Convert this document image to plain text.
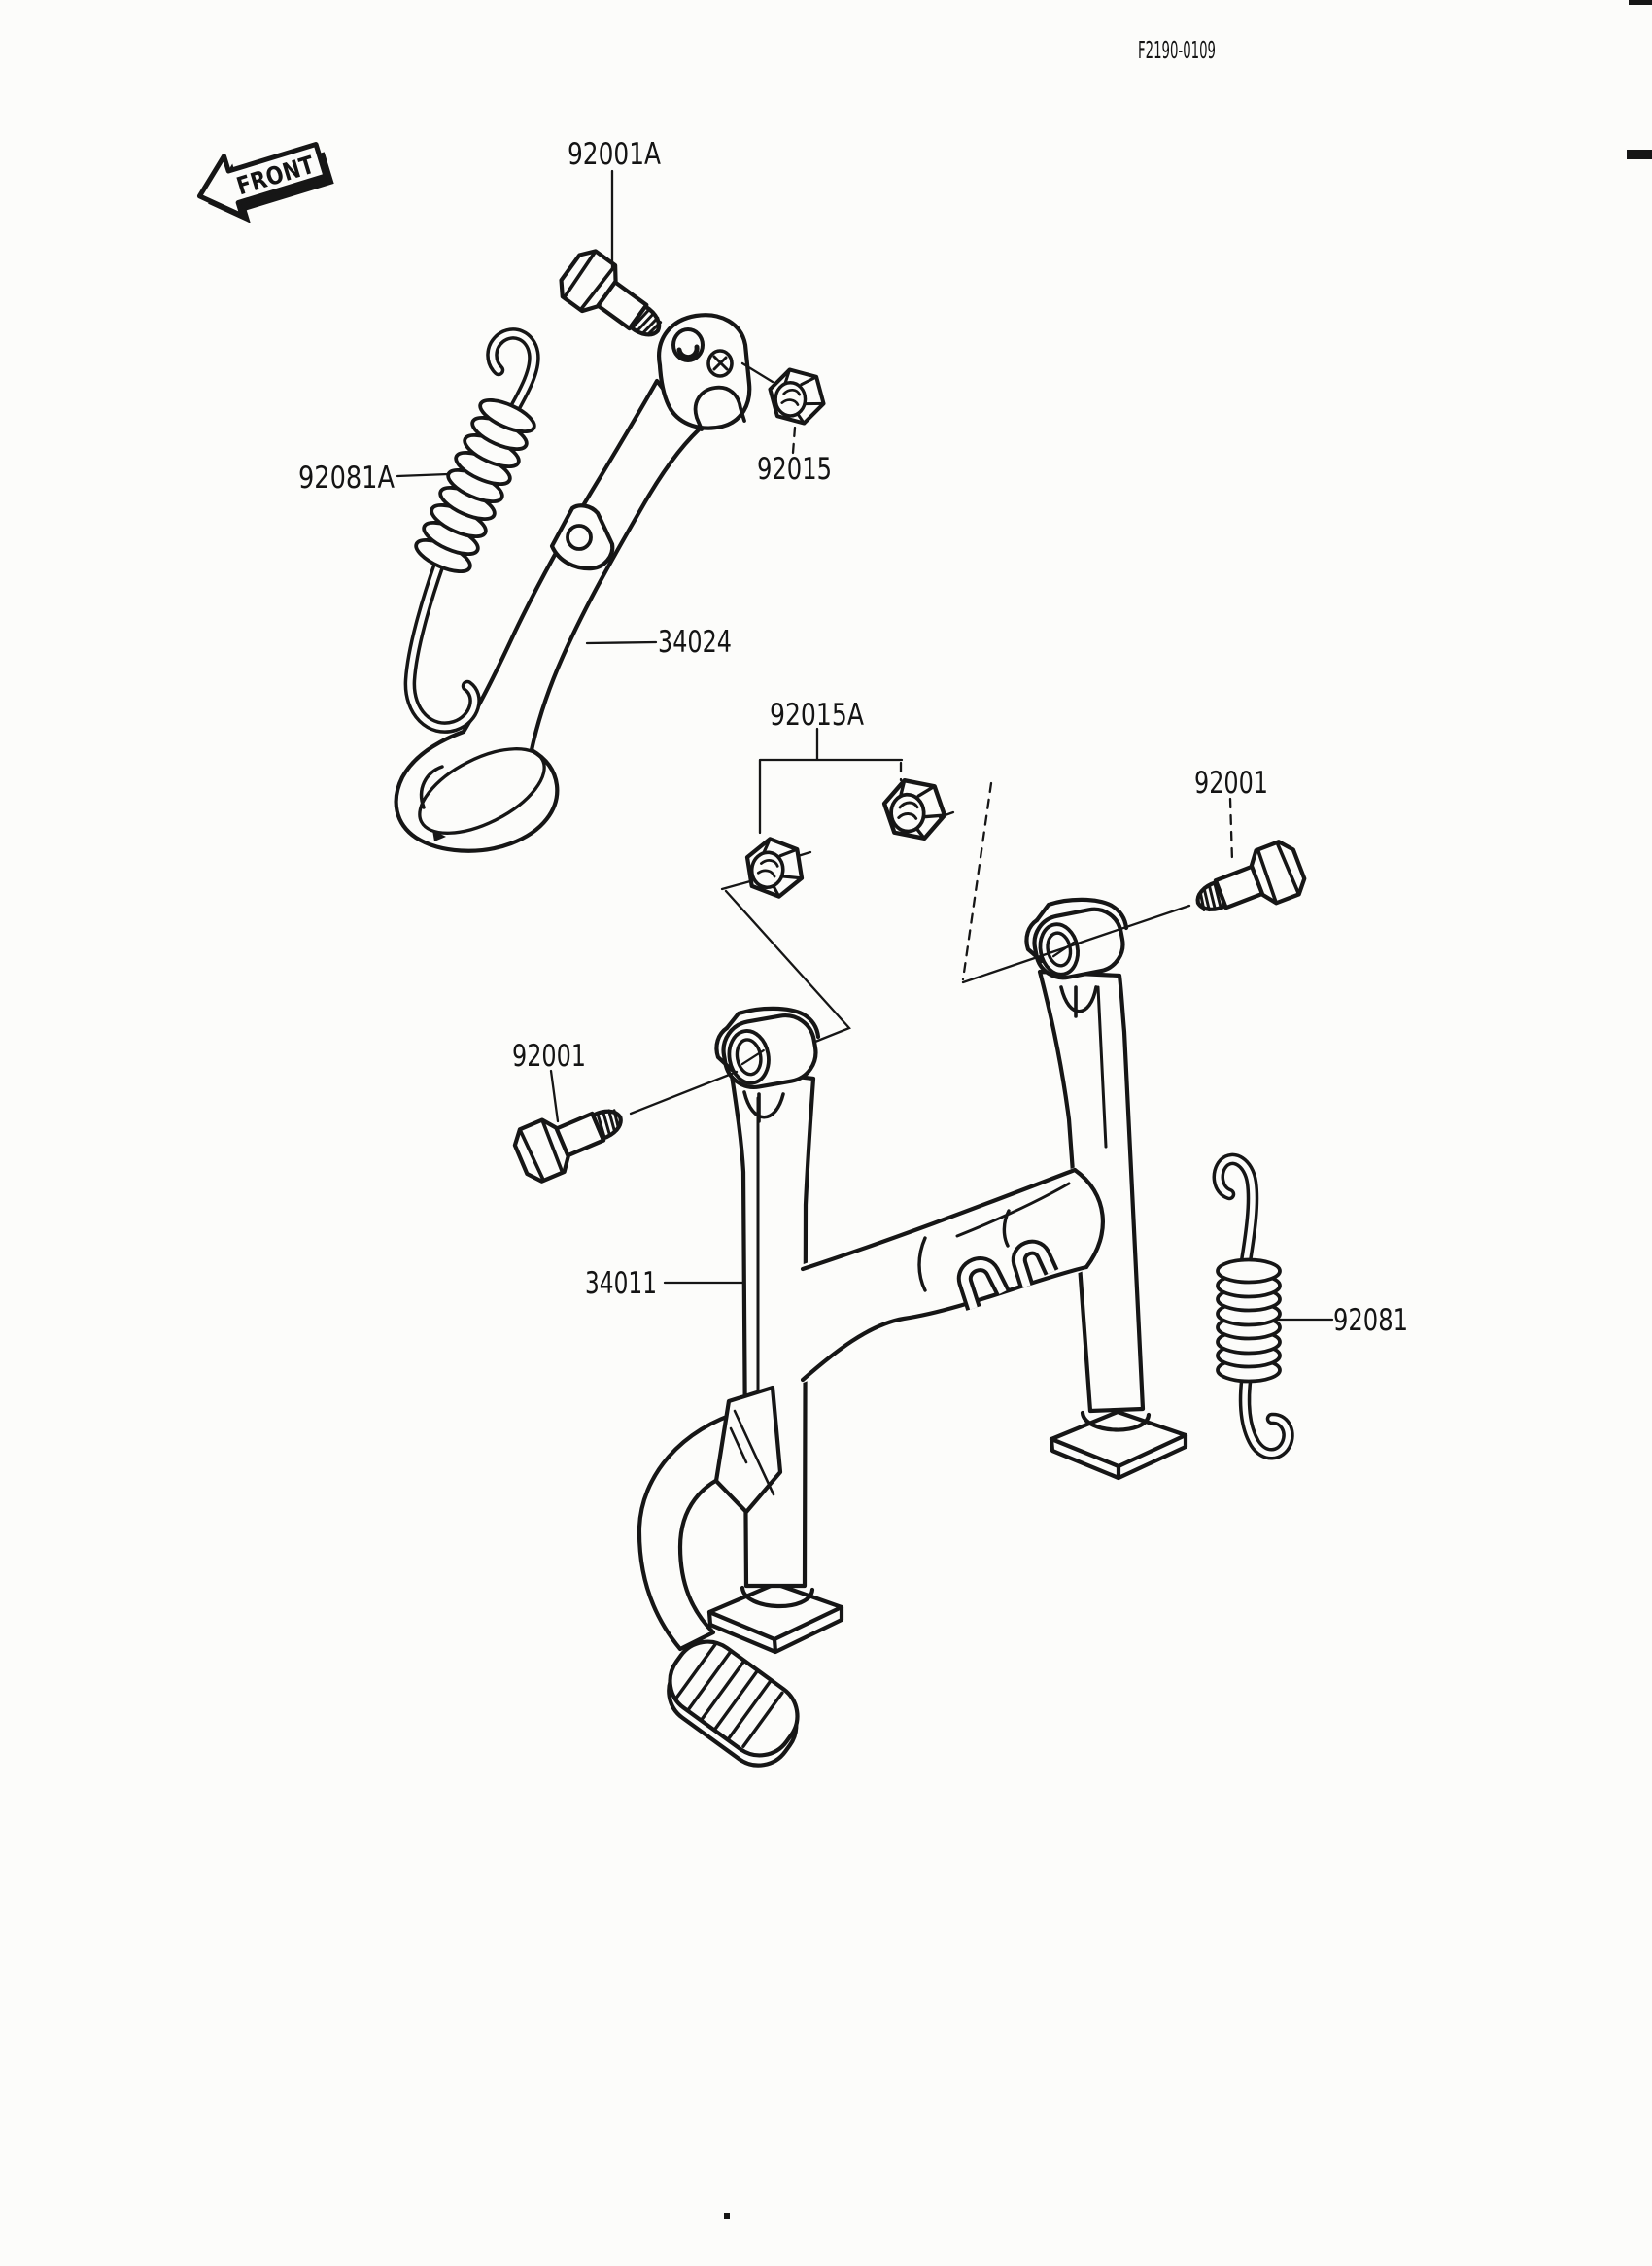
F2190-0109
FRONT	92001A
92081A	92015
34024
92015A
92001
92001
34011
92081
